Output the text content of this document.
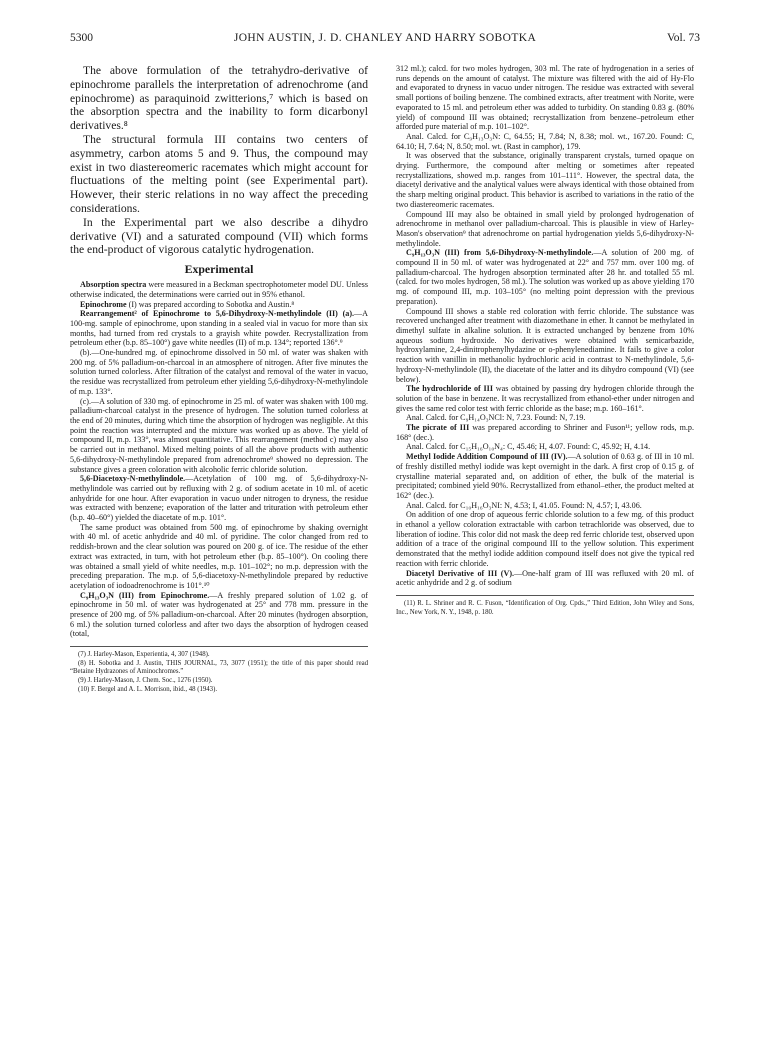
5300	JOHN AUSTIN, J. D. CHANLEY AND HARRY SOBOTKA	Vol. 73

The above formulation of the tetrahydro-derivative of epinochrome parallels the interpretation of adrenochrome (and epinochrome) as paraquinoid zwitterions,⁷ which is based on the absorption spectra and the inability to form dicarbonyl derivatives.⁸

The structural formula III contains two centers of asymmetry, carbon atoms 5 and 9. Thus, the compound may exist in two diastereomeric racemates which might account for fluctuations of the melting point (see Experimental part). However, their steric relations in no way affect the preceding considerations.

In the Experimental part we also describe a dihydro derivative (VI) and a saturated compound (VII) which forms the end-product of vigorous catalytic hydrogenation.

Experimental

Absorption spectra were measured in a Beckman spectrophotometer model DU. Unless otherwise indicated, the determinations were carried out in 95% ethanol.

Epinochrome (I) was prepared according to Sobotka and Austin.⁸

Rearrangement² of Epinochrome to 5,6-Dihydroxy-N-methylindole (II) (a).—A 100-mg. sample of epinochrome, upon standing in a sealed vial in vacuo for more than six months, had turned from red crystals to a grayish white powder. Recrystallization from petroleum ether (b.p. 85–100°) gave white needles (II) of m.p. 134°; reported 136°.⁹

(b).—One-hundred mg. of epinochrome dissolved in 50 ml. of water was shaken with 200 mg. of 5% palladium-on-charcoal in an atmosphere of nitrogen. After five minutes the solution turned colorless. After filtration of the catalyst and removal of the water in vacuo, the residue was recrystallized from petroleum ether yielding 5,6-dihydroxy-N-methylindole of m.p. 133°.

(c).—A solution of 330 mg. of epinochrome in 25 ml. of water was shaken with 100 mg. palladium-charcoal catalyst in the presence of hydrogen. The solution turned colorless at the end of 20 minutes, during which time the absorption of hydrogen was negligible. At this point the reaction was interrupted and the mixture was worked up as above. The yield of compound II, m.p. 133°, was almost quantitative. This rearrangement (method c) may also be carried out in methanol. Mixed melting points of all the above products with authentic 5,6-dihydroxy-N-methylindole prepared from adrenochrome⁹ showed no depression. The substance gives a green coloration with alcoholic ferric chloride solution.

5,6-Diacetoxy-N-methylindole.—Acetylation of 100 mg. of 5,6-dihydroxy-N-methylindole was carried out by refluxing with 2 g. of sodium acetate in 10 ml. of acetic anhydride for one hour. After evaporation in vacuo under nitrogen to dryness, the residue was extracted with benzene; evaporation of the latter and trituration with petroleum ether (b.p. 40–60°) yielded the diacetate of m.p. 101°.

The same product was obtained from 500 mg. of epinochrome by shaking overnight with 40 ml. of acetic anhydride and 40 ml. of pyridine. The color changed from red to reddish-brown and the clear solution was poured on 200 g. of ice. The residue of the ether extract was extracted, in turn, with hot petroleum ether (b.p. 85–100°). On cooling there was obtained a small yield of white needles, m.p. 101–102°; no m.p. depression with the preceding preparation. The m.p. of 5,6-diacetoxy-N-methylindole prepared by reductive acetylation of iodoadrenochrome is 101°.¹⁰

C₉H₁₃O₃N (III) from Epinochrome.—A freshly prepared solution of 1.02 g. of epinochrome in 50 ml. of water was hydrogenated at 25° and 778 mm. pressure in the presence of 200 mg. of 5% palladium-on-charcoal. After 20 minutes (hydrogen absorption, 6 ml.) the solution turned colorless and after two days the absorption of hydrogen ceased (total,

(7) J. Harley-Mason, Experientia, 4, 307 (1948).

(8) H. Sobotka and J. Austin, THIS JOURNAL, 73, 3077 (1951); the title of this paper should read “Betaine Hydrazones of Aminochromes.”

(9) J. Harley-Mason, J. Chem. Soc., 1276 (1950).

(10) F. Bergel and A. L. Morrison, ibid., 48 (1943).

312 ml.); calcd. for two moles hydrogen, 303 ml. The rate of hydrogenation in a series of runs depends on the amount of catalyst. The mixture was filtered with the aid of Hy-Flo and evaporated to dryness in vacuo under nitrogen. The residue was extracted with several small portions of boiling benzene. The combined extracts, after treatment with Norite, were evaporated to 15 ml. and petroleum ether was added to turbidity. On standing 0.83 g. (80% yield) of compound III was obtained; recrystallization from benzene–petroleum ether afforded pure material of m.p. 101–102°.

Anal. Calcd. for C₉H₁₃O₃N: C, 64.55; H, 7.84; N, 8.38; mol. wt., 167.20. Found: C, 64.10; H, 7.64; N, 8.50; mol. wt. (Rast in camphor), 179.

It was observed that the substance, originally transparent crystals, turned opaque on drying. Furthermore, the compound after melting or sometimes after repeated recrystallizations, showed m.p. ranges from 101–111°. However, the spectral data, the diacetyl derivative and the analytical values were always identical with those obtained from the sharp melting original product. This behavior is ascribed to variations in the ratio of the two diastereomeric racemates.

Compound III may also be obtained in small yield by prolonged hydrogenation of adrenochrome in methanol over palladium-charcoal. This is plausible in view of Harley-Mason's observation⁹ that adrenochrome on partial hydrogenation yields 5,6-dihydroxy-N-methylindole.

C₉H₁₃O₃N (III) from 5,6-Dihydroxy-N-methylindole.—A solution of 200 mg. of compound II in 50 ml. of water was hydrogenated at 22° and 757 mm. over 100 mg. of palladium-charcoal. The hydrogen absorption terminated after 28 hr. and totalled 55 ml. (calcd. for two moles hydrogen, 58 ml.). The solution was worked up as above yielding 170 mg. of compound III, m.p. 103–105° (no melting point depression with the previous preparation).

Compound III shows a stable red coloration with ferric chloride. The substance was recovered unchanged after treatment with diazomethane in ether. It cannot be methylated in dimethyl sulfate in alkaline solution. It is extracted unchanged by benzene from 10% aqueous sodium hydroxide. No derivatives were obtained with semicarbazide, hydroxylamine, 2,4-dinitrophenylhydazine or o-phenylenediamine. It fails to give a color reaction with vanillin in methanolic hydrochloric acid in contrast to N-methylindole, 5,6-hydroxy-N-methylindole (II), the diacetate of the latter and its dihydro compound (VI) (see below).

The hydrochloride of III was obtained by passing dry hydrogen chloride through the solution of the base in benzene. It was recrystallized from ethanol-ether under nitrogen and gives the same red color test with ferric chloride as the base; m.p. 160–161°.

Anal. Calcd. for C₉H₁₄O₃NCl: N, 7.23. Found: N, 7.19.

The picrate of III was prepared according to Shriner and Fuson¹¹; yellow rods, m.p. 168° (dec.).

Anal. Calcd. for C₁₅H₁₆O₁₀N₄: C, 45.46; H, 4.07. Found: C, 45.92; H, 4.14.

Methyl Iodide Addition Compound of III (IV).—A solution of 0.63 g. of III in 10 ml. of freshly distilled methyl iodide was kept overnight in the dark. A first crop of 0.15 g. of crystalline material separated and, on addition of ether, the bulk of the material is precipitated; combined yield 90%. Recrystallized from ethanol–ether, the product melted at 162° (dec.).

Anal. Calcd. for C₁₀H₁₆O₃NI: N, 4.53; I, 41.05. Found: N, 4.57; I, 43.06.

On addition of one drop of aqueous ferric chloride solution to a few mg. of this product in ethanol a yellow coloration extractable with carbon tetrachloride was observed, due to liberation of iodine. This color did not mask the deep red ferric chloride test, observed upon addition of a trace of the original compound III to the yellow solution. This experiment demonstrated that the methyl iodide addition compound itself does not give the typical red reaction with ferric chloride.

Diacetyl Derivative of III (V).—One-half gram of III was refluxed with 20 ml. of acetic anhydride and 2 g. of sodium

(11) R. L. Shriner and R. C. Fuson, “Identification of Org. Cpds.,” Third Edition, John Wiley and Sons, Inc., New York, N. Y., 1948, p. 180.
